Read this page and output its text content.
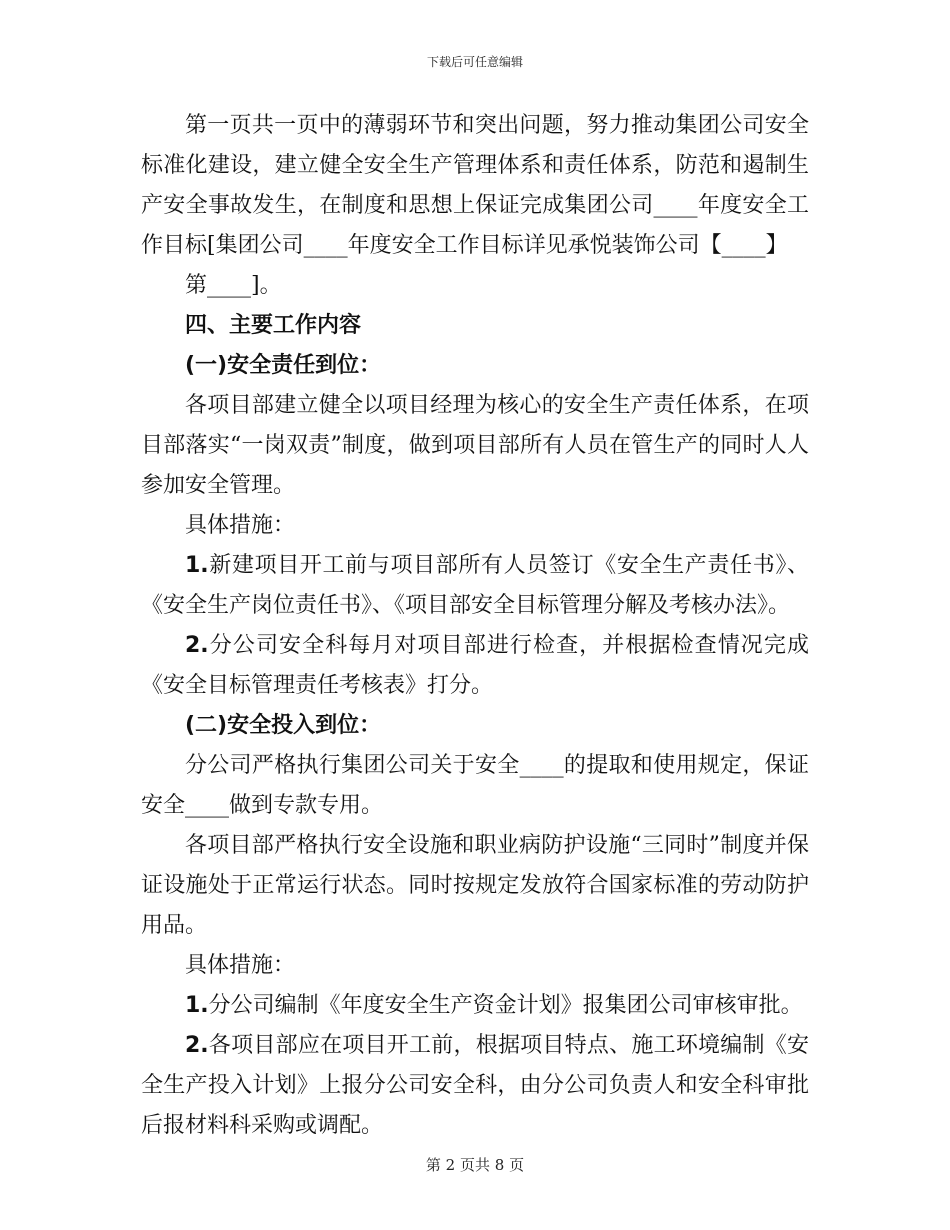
下载后可任意编辑

第一页共一页中的薄弱环节和突出问题，努力推动集团公司安全标准化建设，建立健全安全生产管理体系和责任体系，防范和遏制生产安全事故发生，在制度和思想上保证完成集团公司____年度安全工作目标[集团公司____年度安全工作目标详见承悦装饰公司【____】

第____]。

四、主要工作内容

(一)安全责任到位：

各项目部建立健全以项目经理为核心的安全生产责任体系，在项目部落实“一岗双责”制度，做到项目部所有人员在管生产的同时人人参加安全管理。

具体措施：

1.新建项目开工前与项目部所有人员签订《安全生产责任书》、《安全生产岗位责任书》、《项目部安全目标管理分解及考核办法》。

2.分公司安全科每月对项目部进行检查，并根据检查情况完成《安全目标管理责任考核表》打分。

(二)安全投入到位：

分公司严格执行集团公司关于安全____的提取和使用规定，保证安全____做到专款专用。

各项目部严格执行安全设施和职业病防护设施“三同时”制度并保证设施处于正常运行状态。同时按规定发放符合国家标准的劳动防护用品。

具体措施：

1.分公司编制《年度安全生产资金计划》报集团公司审核审批。

2.各项目部应在项目开工前，根据项目特点、施工环境编制《安全生产投入计划》上报分公司安全科，由分公司负责人和安全科审批后报材料科采购或调配。

第 2 页共 8 页
